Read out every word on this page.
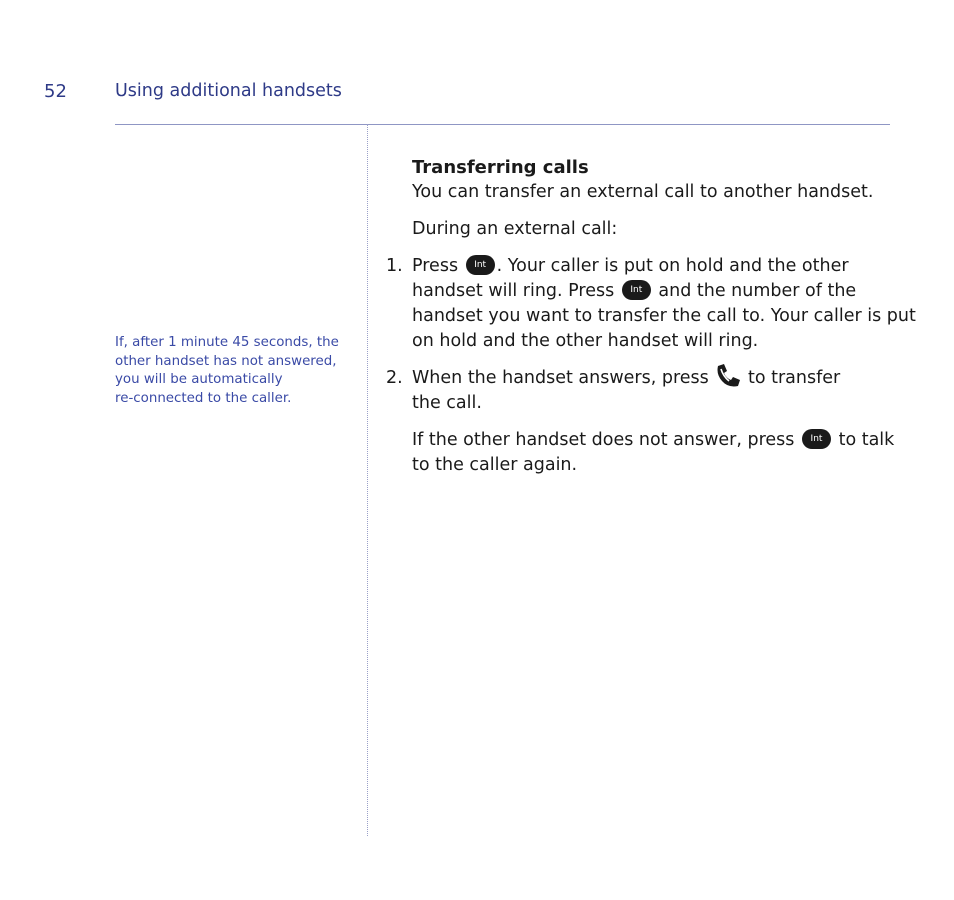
52	Using additional handsets
If, after 1 minute 45 seconds, the
other handset has not answered,
you will be automatically
re-connected to the caller.

Transferring calls

You can transfer an external call to another handset.

During an external call:

1. Press Int . Your caller is put on hold and the other
handset will ring. Press Int and the number of the
handset you want to transfer the call to. Your caller is put
on hold and the other handset will ring.
2. When the handset answers, press to transfer
the call.
If the other handset does not answer, press Int to talk
to the caller again.
